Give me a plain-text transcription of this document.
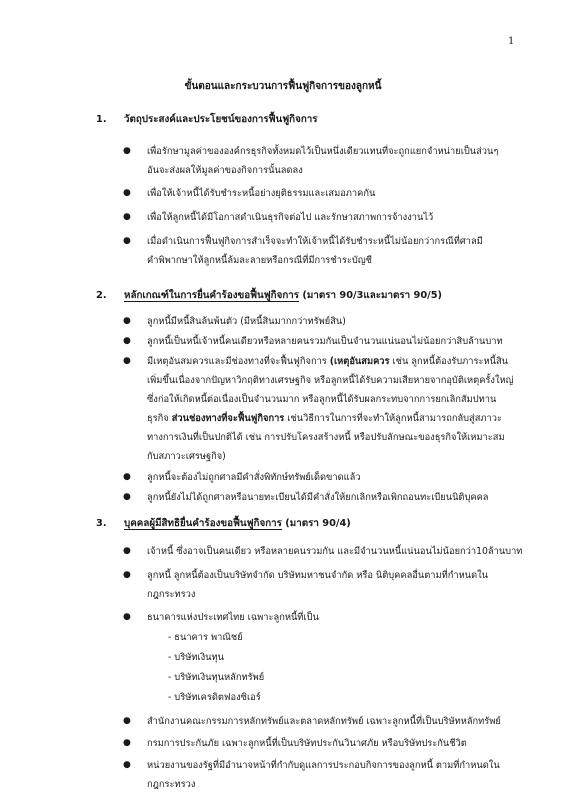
1
ขั้นตอนและกระบวนการฟื้นฟูกิจการของลูกหนี้
1. วัตถุประสงค์และประโยชน์ของการฟื้นฟูกิจการ
● เพื่อรักษามูลค่าขององค์กรธุรกิจทั้งหมดไว้เป็นหนึ่งเดียวแทนที่จะถูกแยกจำหน่ายเป็นส่วนๆ
อันจะส่งผลให้มูลค่าของกิจการนั้นลดลง
● เพื่อให้เจ้าหนี้ได้รับชำระหนี้อย่างยุติธรรมและเสมอภาคกัน
● เพื่อให้ลูกหนี้ได้มีโอกาสดำเนินธุรกิจต่อไป และรักษาสภาพการจ้างงานไว้
● เมื่อดำเนินการฟื้นฟูกิจการสำเร็จจะทำให้เจ้าหนี้ได้รับชำระหนี้ไม่น้อยกว่ากรณีที่ศาลมี
คำพิพากษาให้ลูกหนี้ล้มละลายหรือกรณีที่มีการชำระบัญชี
2. หลักเกณฑ์ในการยื่นคำร้องขอฟื้นฟูกิจการ (มาตรา 90/3และมาตรา 90/5)
● ลูกหนี้มีหนี้สินล้นพ้นตัว (มีหนี้สินมากกว่าทรัพย์สิน)
● ลูกหนี้เป็นหนี้เจ้าหนี้คนเดียวหรือหลายคนรวมกันเป็นจำนวนแน่นอนไม่น้อยกว่าสิบล้านบาท
● มีเหตุอันสมควรและมีช่องทางที่จะฟื้นฟูกิจการ (เหตุอันสมควร เช่น ลูกหนี้ต้องรับภาระหนี้สิน
เพิ่มขึ้นเนื่องจากปัญหาวิกฤติทางเศรษฐกิจ หรือลูกหนี้ได้รับความเสียหายจากอุบัติเหตุครั้งใหญ่
ซึ่งก่อให้เกิดหนี้ต่อเนื่องเป็นจำนวนมาก หรือลูกหนี้ได้รับผลกระทบจากการยกเลิกสัมปทาน
ธุรกิจ ส่วนช่องทางที่จะฟื้นฟูกิจการ เช่นวิธีการในการที่จะทำให้ลูกหนี้สามารถกลับสู่สภาวะ
ทางการเงินที่เป็นปกติได้ เช่น การปรับโครงสร้างหนี้ หรือปรับลักษณะของธุรกิจให้เหมาะสม
กับสภาวะเศรษฐกิจ)
● ลูกหนี้จะต้องไม่ถูกศาลมีคำสั่งพิทักษ์ทรัพย์เด็ดขาดแล้ว
● ลูกหนี้ยังไม่ได้ถูกศาลหรือนายทะเบียนได้มีคำสั่งให้ยกเลิกหรือเพิกถอนทะเบียนนิติบุคคล
3. บุคคลผู้มีสิทธิยื่นคำร้องขอฟื้นฟูกิจการ (มาตรา 90/4)
● เจ้าหนี้ ซึ่งอาจเป็นคนเดียว หรือหลายคนรวมกัน และมีจำนวนหนี้แน่นอนไม่น้อยกว่า10ล้านบาท
● ลูกหนี้ ลูกหนี้ต้องเป็นบริษัทจำกัด บริษัทมหาชนจำกัด หรือ นิติบุคคลอื่นตามที่กำหนดใน
กฎกระทรวง
● ธนาคารแห่งประเทศไทย เฉพาะลูกหนี้ที่เป็น
- ธนาคาร พาณิชย์
- บริษัทเงินทุน
- บริษัทเงินทุนหลักทรัพย์
- บริษัทเครดิตฟองซิเอร์
● สำนักงานคณะกรรมการหลักทรัพย์และตลาดหลักทรัพย์ เฉพาะลูกหนี้ที่เป็นบริษัทหลักทรัพย์
● กรมการประกันภัย เฉพาะลูกหนี้ที่เป็นบริษัทประกันวินาศภัย หรือบริษัทประกันชีวิต
● หน่วยงานของรัฐที่มีอำนาจหน้าที่กำกับดูแลการประกอบกิจการของลูกหนี้ ตามที่กำหนดใน
กฎกระทรวง
